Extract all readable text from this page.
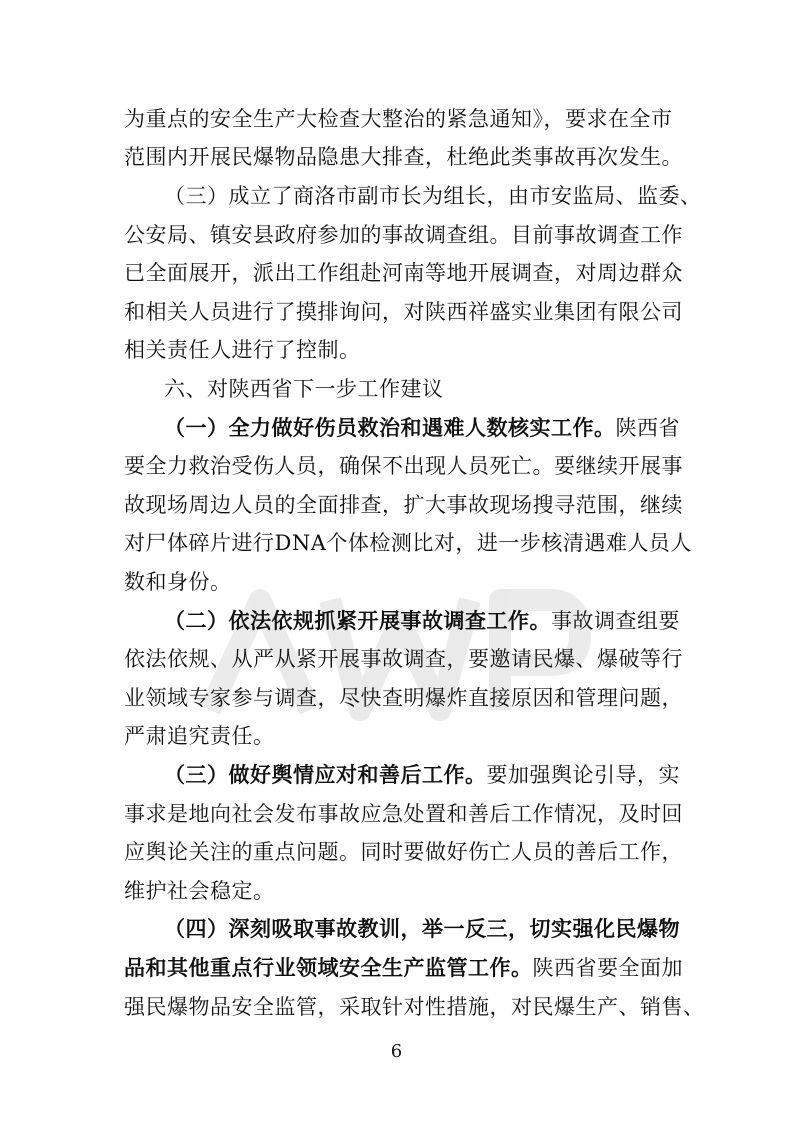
为重点的安全生产大检查大整治的紧急通知》，要求在全市
范围内开展民爆物品隐患大排查，杜绝此类事故再次发生。
（三）成立了商洛市副市长为组长，由市安监局、监委、
公安局、镇安县政府参加的事故调查组。目前事故调查工作
已全面展开，派出工作组赴河南等地开展调查，对周边群众
和相关人员进行了摸排询问，对陕西祥盛实业集团有限公司
相关责任人进行了控制。
六、对陕西省下一步工作建议
（一）全力做好伤员救治和遇难人数核实工作。陕西省
要全力救治受伤人员，确保不出现人员死亡。要继续开展事
故现场周边人员的全面排查，扩大事故现场搜寻范围，继续
对尸体碎片进行DNA个体检测比对，进一步核清遇难人员人
数和身份。
（二）依法依规抓紧开展事故调查工作。事故调查组要
依法依规、从严从紧开展事故调查，要邀请民爆、爆破等行
业领域专家参与调查，尽快查明爆炸直接原因和管理问题，
严肃追究责任。
（三）做好舆情应对和善后工作。要加强舆论引导，实
事求是地向社会发布事故应急处置和善后工作情况，及时回
应舆论关注的重点问题。同时要做好伤亡人员的善后工作，
维护社会稳定。
（四）深刻吸取事故教训，举一反三，切实强化民爆物
品和其他重点行业领域安全生产监管工作。陕西省要全面加
强民爆物品安全监管，采取针对性措施，对民爆生产、销售、
6
